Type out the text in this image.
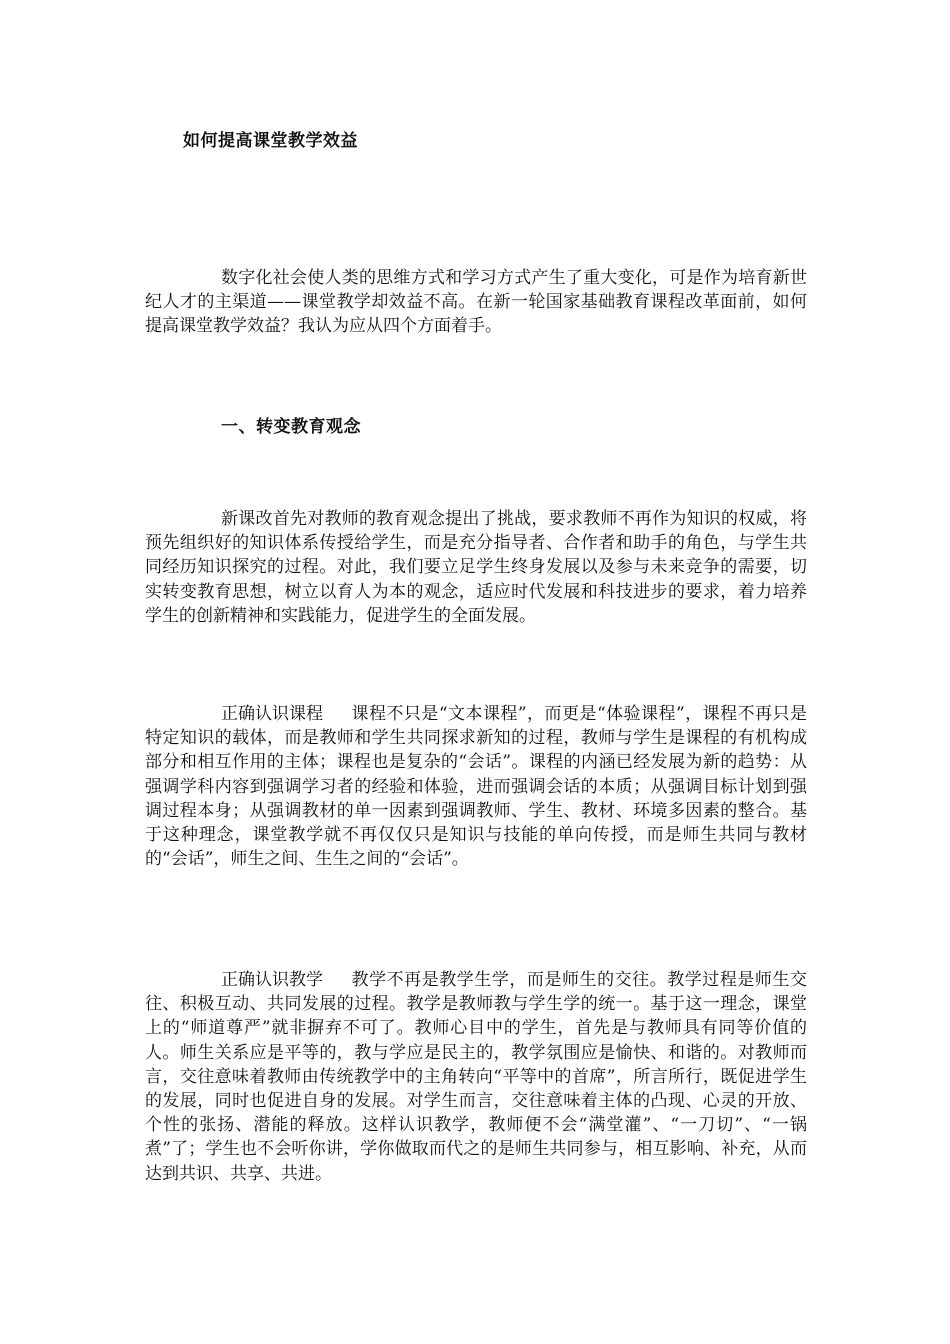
如何提高课堂教学效益

数字化社会使人类的思维方式和学习方式产生了重大变化，可是作为培育新世纪人才的主渠道——课堂教学却效益不高。在新一轮国家基础教育课程改革面前，如何提高课堂教学效益？我认为应从四个方面着手。

一、转变教育观念

新课改首先对教师的教育观念提出了挑战，要求教师不再作为知识的权威，将预先组织好的知识体系传授给学生，而是充分指导者、合作者和助手的角色，与学生共同经历知识探究的过程。对此，我们要立足学生终身发展以及参与未来竞争的需要，切实转变教育思想，树立以育人为本的观念，适应时代发展和科技进步的要求，着力培养学生的创新精神和实践能力，促进学生的全面发展。

正确认识课程 课程不只是“文本课程”，而更是“体验课程”，课程不再只是特定知识的载体，而是教师和学生共同探求新知的过程，教师与学生是课程的有机构成部分和相互作用的主体；课程也是复杂的“会话”。课程的内涵已经发展为新的趋势：从强调学科内容到强调学习者的经验和体验，进而强调会话的本质；从强调目标计划到强调过程本身；从强调教材的单一因素到强调教师、学生、教材、环境多因素的整合。基于这种理念，课堂教学就不再仅仅只是知识与技能的单向传授，而是师生共同与教材的“会话”，师生之间、生生之间的“会话”。

正确认识教学 教学不再是教学生学，而是师生的交往。教学过程是师生交往、积极互动、共同发展的过程。教学是教师教与学生学的统一。基于这一理念，课堂上的“师道尊严”就非摒弃不可了。教师心目中的学生，首先是与教师具有同等价值的人。师生关系应是平等的，教与学应是民主的，教学氛围应是愉快、和谐的。对教师而言，交往意味着教师由传统教学中的主角转向“平等中的首席”，所言所行，既促进学生的发展，同时也促进自身的发展。对学生而言，交往意味着主体的凸现、心灵的开放、个性的张扬、潜能的释放。这样认识教学，教师便不会“满堂灌”、“一刀切”、“一锅煮”了；学生也不会听你讲，学你做取而代之的是师生共同参与，相互影响、补充，从而达到共识、共享、共进。
